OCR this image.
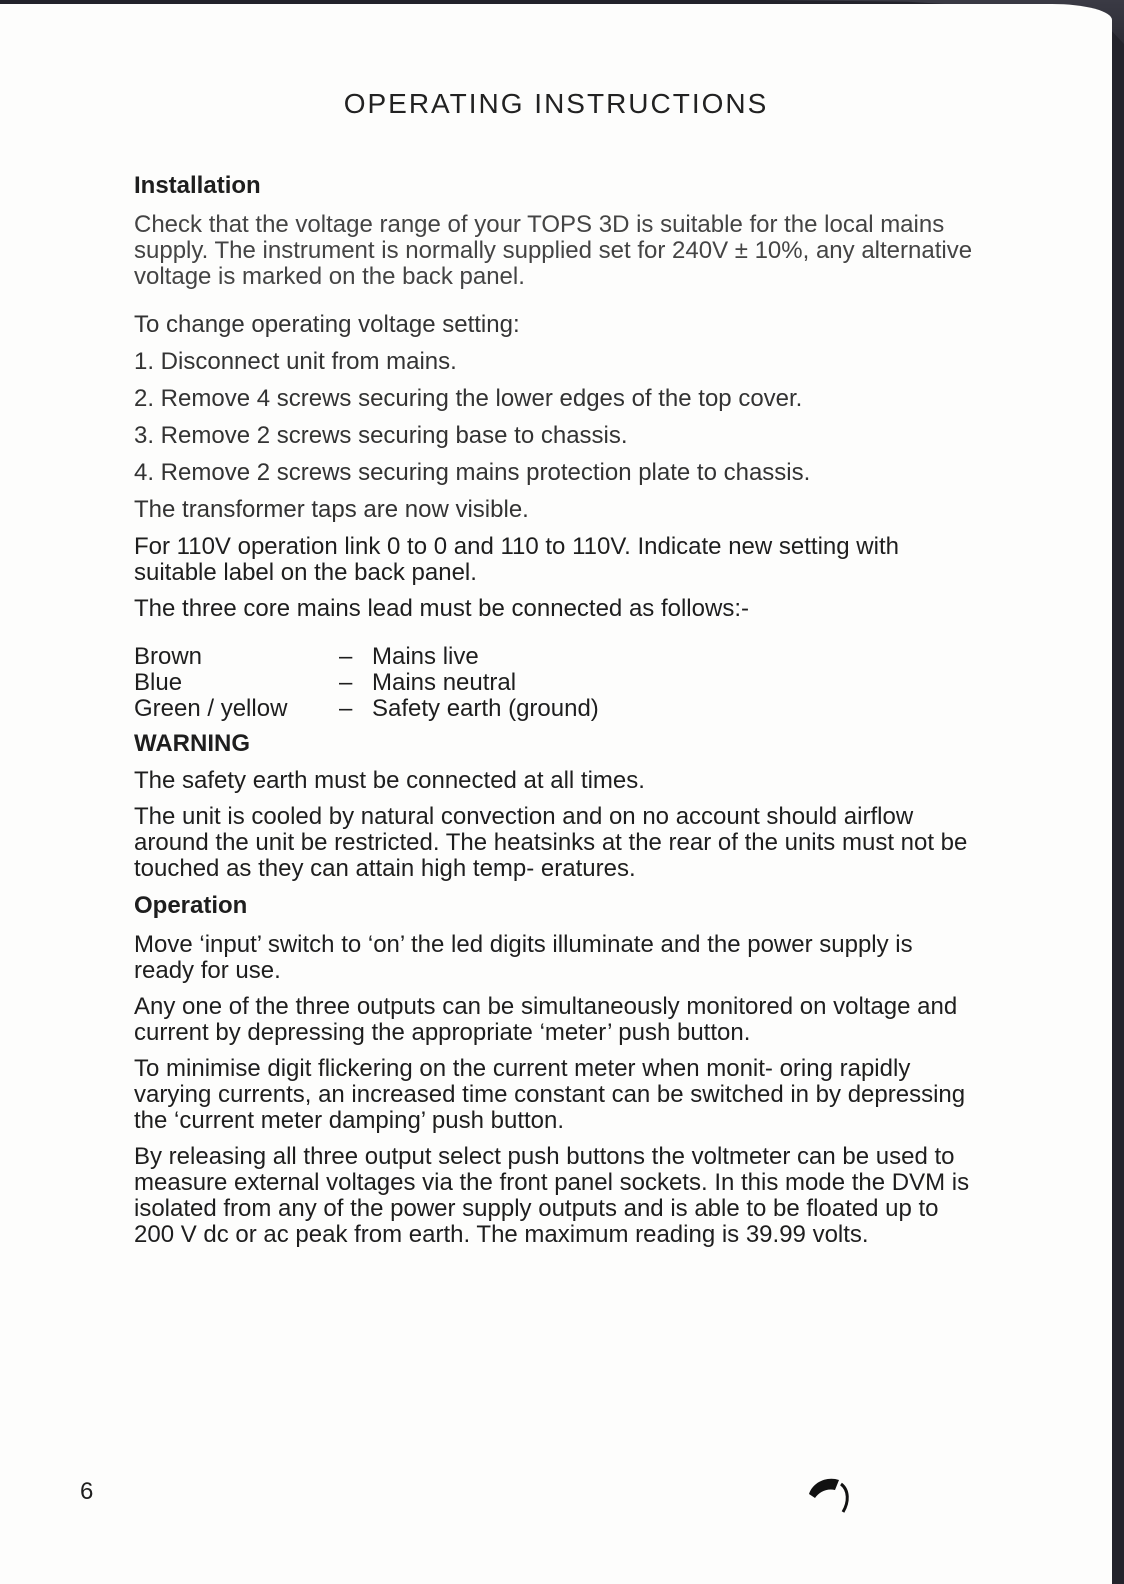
OPERATING INSTRUCTIONS
Installation

Check that the voltage range of your TOPS 3D is suitable for the local mains supply. The instrument is normally supplied set for 240V ± 10%, any alternative voltage is marked on the back panel.

To change operating voltage setting:

1. Disconnect unit from mains.

2. Remove 4 screws securing the lower edges of the top cover.

3. Remove 2 screws securing base to chassis.

4. Remove 2 screws securing mains protection plate to chassis.

The transformer taps are now visible.

For 110V operation link 0 to 0 and 110 to 110V. Indicate new setting with suitable label on the back panel.

The three core mains lead must be connected as follows:-

Brown	– Mains live
Blue	– Mains neutral
Green / yellow	– Safety earth (ground)
WARNING

The safety earth must be connected at all times.

The unit is cooled by natural convection and on no account should airflow around the unit be restricted. The heatsinks at the rear of the units must not be touched as they can attain high temp- eratures.

Operation

Move ‘input’ switch to ‘on’ the led digits illuminate and the power supply is ready for use.

Any one of the three outputs can be simultaneously monitored on voltage and current by depressing the appropriate ‘meter’ push button.

To minimise digit flickering on the current meter when monit- oring rapidly varying currents, an increased time constant can be switched in by depressing the ‘current meter damping’ push button.

By releasing all three output select push buttons the voltmeter can be used to measure external voltages via the front panel sockets. In this mode the DVM is isolated from any of the power supply outputs and is able to be floated up to 200 V dc or ac peak from earth. The maximum reading is 39.99 volts.

6
